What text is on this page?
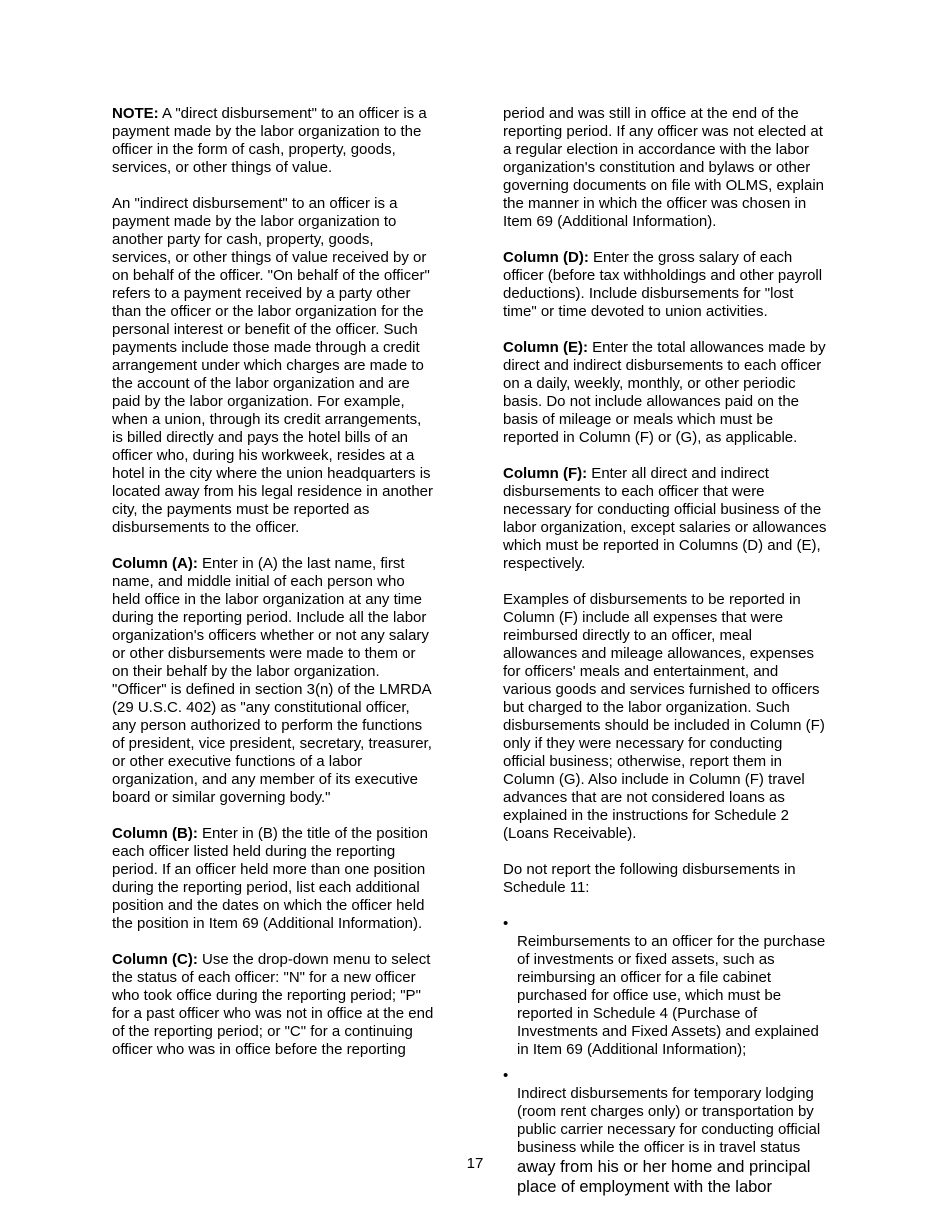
NOTE: A "direct disbursement" to an officer is a
payment made by the labor organization to the
officer in the form of cash, property, goods,
services, or other things of value.

An "indirect disbursement" to an officer is a
payment made by the labor organization to
another party for cash, property, goods,
services, or other things of value received by or
on behalf of the officer. "On behalf of the officer"
refers to a payment received by a party other
than the officer or the labor organization for the
personal interest or benefit of the officer. Such
payments include those made through a credit
arrangement under which charges are made to
the account of the labor organization and are
paid by the labor organization. For example,
when a union, through its credit arrangements,
is billed directly and pays the hotel bills of an
officer who, during his workweek, resides at a
hotel in the city where the union headquarters is
located away from his legal residence in another
city, the payments must be reported as
disbursements to the officer.

Column (A): Enter in (A) the last name, first
name, and middle initial of each person who
held office in the labor organization at any time
during the reporting period. Include all the labor
organization's officers whether or not any salary
or other disbursements were made to them or
on their behalf by the labor organization.
"Officer" is defined in section 3(n) of the LMRDA
(29 U.S.C. 402) as "any constitutional officer,
any person authorized to perform the functions
of president, vice president, secretary, treasurer,
or other executive functions of a labor
organization, and any member of its executive
board or similar governing body."

Column (B): Enter in (B) the title of the position
each officer listed held during the reporting
period. If an officer held more than one position
during the reporting period, list each additional
position and the dates on which the officer held
the position in Item 69 (Additional Information).

Column (C): Use the drop-down menu to select
the status of each officer: "N" for a new officer
who took office during the reporting period; "P"
for a past officer who was not in office at the end
of the reporting period; or "C" for a continuing
officer who was in office before the reporting

period and was still in office at the end of the
reporting period. If any officer was not elected at
a regular election in accordance with the labor
organization's constitution and bylaws or other
governing documents on file with OLMS, explain
the manner in which the officer was chosen in
Item 69 (Additional Information).

Column (D): Enter the gross salary of each
officer (before tax withholdings and other payroll
deductions). Include disbursements for "lost
time" or time devoted to union activities.

Column (E): Enter the total allowances made by
direct and indirect disbursements to each officer
on a daily, weekly, monthly, or other periodic
basis. Do not include allowances paid on the
basis of mileage or meals which must be
reported in Column (F) or (G), as applicable.

Column (F): Enter all direct and indirect
disbursements to each officer that were
necessary for conducting official business of the
labor organization, except salaries or allowances
which must be reported in Columns (D) and (E),
respectively.

Examples of disbursements to be reported in
Column (F) include all expenses that were
reimbursed directly to an officer, meal
allowances and mileage allowances, expenses
for officers' meals and entertainment, and
various goods and services furnished to officers
but charged to the labor organization. Such
disbursements should be included in Column (F)
only if they were necessary for conducting
official business; otherwise, report them in
Column (G). Also include in Column (F) travel
advances that are not considered loans as
explained in the instructions for Schedule 2
(Loans Receivable).

Do not report the following disbursements in
Schedule 11:

•
Reimbursements to an officer for the purchase
of investments or fixed assets, such as
reimbursing an officer for a file cabinet
purchased for office use, which must be
reported in Schedule 4 (Purchase of
Investments and Fixed Assets) and explained
in Item 69 (Additional Information);

•
Indirect disbursements for temporary lodging
(room rent charges only) or transportation by
public carrier necessary for conducting official
business while the officer is in travel status

away from his or her home and principal
place of employment with the labor

17
